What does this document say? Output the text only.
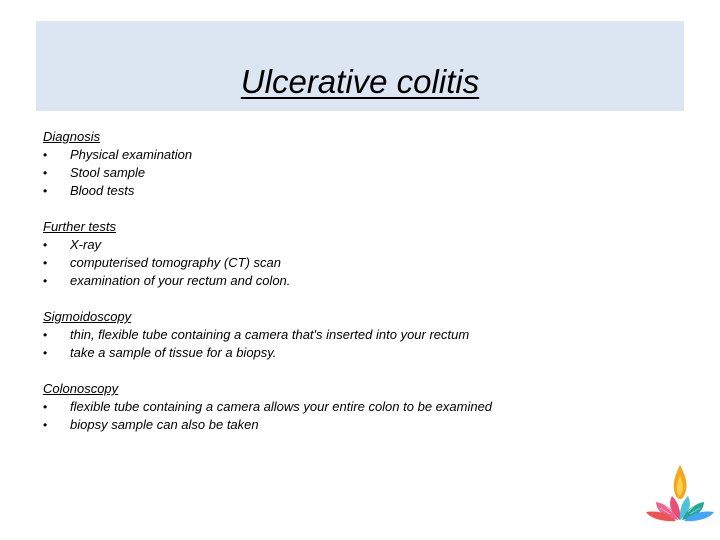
Ulcerative colitis
Diagnosis
• Physical examination
• Stool sample
• Blood tests
Further tests
• X-ray
• computerised tomography (CT) scan
• examination of your rectum and colon.
Sigmoidoscopy
• thin, flexible tube containing a camera that's inserted into your rectum
• take a sample of tissue for a biopsy.
Colonoscopy
• flexible tube containing a camera allows your entire colon to be examined
• biopsy sample can also be taken
